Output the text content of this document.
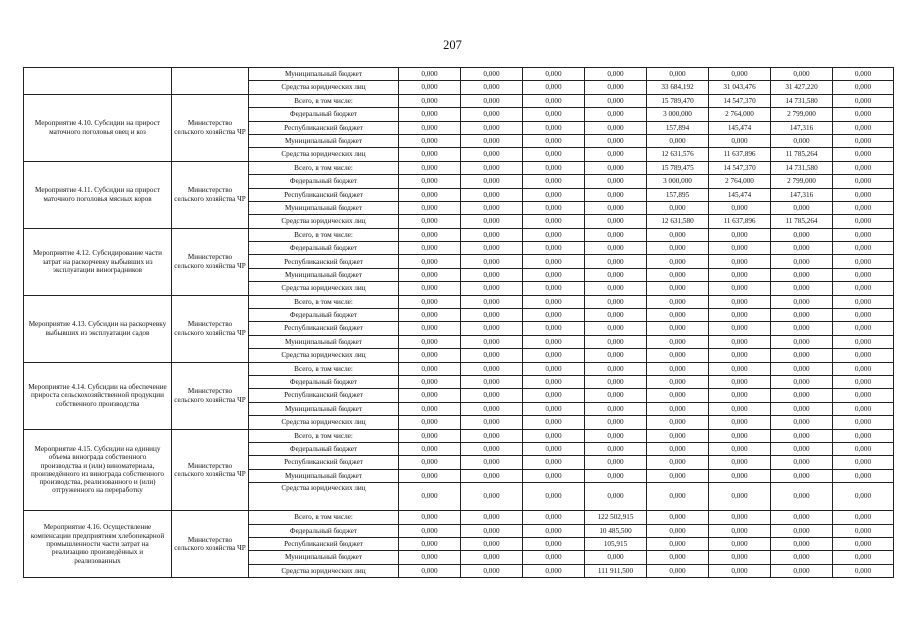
207
		Муниципальный бюджет	0,000	0,000	0,000	0,000	0,000	0,000	0,000	0,000
		Средства юридических лиц	0,000	0,000	0,000	0,000	33 684,192	31 043,476	31 427,220	0,000
Мероприятие 4.10. Субсидии на прирост маточного поголовья овец и коз	Министерство сельского хозяйства ЧР	Всего, в том числе:	0,000	0,000	0,000	0,000	15 789,470	14 547,370	14 731,580	0,000
		Федеральный бюджет	0,000	0,000	0,000	0,000	3 000,000	2 764,000	2 799,000	0,000
		Республиканский бюджет	0,000	0,000	0,000	0,000	157,894	145,474	147,316	0,000
		Муниципальный бюджет	0,000	0,000	0,000	0,000	0,000	0,000	0,000	0,000
		Средства юридических лиц	0,000	0,000	0,000	0,000	12 631,576	11 637,896	11 785,264	0,000
Мероприятие 4.11. Субсидии на прирост маточного поголовья мясных коров	Министерство сельского хозяйства ЧР	Всего, в том числе:	0,000	0,000	0,000	0,000	15 789,475	14 547,370	14 731,580	0,000
		Федеральный бюджет	0,000	0,000	0,000	0,000	3 000,000	2 764,000	2 799,000	0,000
		Республиканский бюджет	0,000	0,000	0,000	0,000	157,895	145,474	147,316	0,000
		Муниципальный бюджет	0,000	0,000	0,000	0,000	0,000	0,000	0,000	0,000
		Средства юридических лиц	0,000	0,000	0,000	0,000	12 631,580	11 637,896	11 785,264	0,000
Мероприятие 4.12. Субсидирование части затрат на раскорчевку выбывших из эксплуатации виноградников	Министерство сельского хозяйства ЧР	Всего, в том числе:	0,000	0,000	0,000	0,000	0,000	0,000	0,000	0,000
		Федеральный бюджет	0,000	0,000	0,000	0,000	0,000	0,000	0,000	0,000
		Республиканский бюджет	0,000	0,000	0,000	0,000	0,000	0,000	0,000	0,000
		Муниципальный бюджет	0,000	0,000	0,000	0,000	0,000	0,000	0,000	0,000
		Средства юридических лиц	0,000	0,000	0,000	0,000	0,000	0,000	0,000	0,000
Мероприятие 4.13. Субсидии на раскорчевку выбывших из эксплуатации садов	Министерство сельского хозяйства ЧР	Всего, в том числе:	0,000	0,000	0,000	0,000	0,000	0,000	0,000	0,000
		Федеральный бюджет	0,000	0,000	0,000	0,000	0,000	0,000	0,000	0,000
		Республиканский бюджет	0,000	0,000	0,000	0,000	0,000	0,000	0,000	0,000
		Муниципальный бюджет	0,000	0,000	0,000	0,000	0,000	0,000	0,000	0,000
		Средства юридических лиц	0,000	0,000	0,000	0,000	0,000	0,000	0,000	0,000
Мероприятие 4.14. Субсидии на обеспечение прироста сельскохозяйственной продукции собственного производства	Министерство сельского хозяйства ЧР	Всего, в том числе:	0,000	0,000	0,000	0,000	0,000	0,000	0,000	0,000
		Федеральный бюджет	0,000	0,000	0,000	0,000	0,000	0,000	0,000	0,000
		Республиканский бюджет	0,000	0,000	0,000	0,000	0,000	0,000	0,000	0,000
		Муниципальный бюджет	0,000	0,000	0,000	0,000	0,000	0,000	0,000	0,000
		Средства юридических лиц	0,000	0,000	0,000	0,000	0,000	0,000	0,000	0,000
Мероприятие 4.15. Субсидии на единицу объема винограда собственного производства и (или) виноматериала, произведённого из винограда собственного производства, реализованного и (или) отгруженного на переработку	Министерство сельского хозяйства ЧР	Всего, в том числе:	0,000	0,000	0,000	0,000	0,000	0,000	0,000	0,000
		Федеральный бюджет	0,000	0,000	0,000	0,000	0,000	0,000	0,000	0,000
		Республиканский бюджет	0,000	0,000	0,000	0,000	0,000	0,000	0,000	0,000
		Муниципальный бюджет	0,000	0,000	0,000	0,000	0,000	0,000	0,000	0,000
		Средства юридических лиц	0,000	0,000	0,000	0,000	0,000	0,000	0,000	0,000
Мероприятие 4.16. Осуществление компенсации предприятиям хлебопекарной промышленности части затрат на реализацию произведённых и реализованных	Министерство сельского хозяйства ЧР	Всего, в том числе:	0,000	0,000	0,000	122 502,915	0,000	0,000	0,000	0,000
		Федеральный бюджет	0,000	0,000	0,000	10 485,500	0,000	0,000	0,000	0,000
		Республиканский бюджет	0,000	0,000	0,000	105,915	0,000	0,000	0,000	0,000
		Муниципальный бюджет	0,000	0,000	0,000	0,000	0,000	0,000	0,000	0,000
		Средства юридических лиц	0,000	0,000	0,000	111 911,500	0,000	0,000	0,000	0,000
